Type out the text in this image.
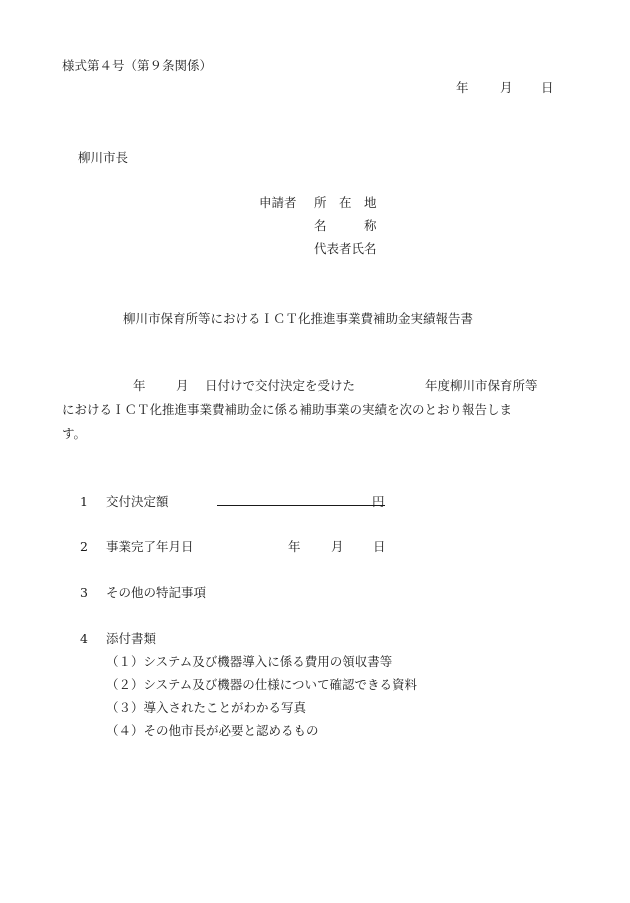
様式第４号（第９条関係）
年	月 日
柳川市長
申請者 所　在　地
名　　　称
代表者氏名
柳川市保育所等におけるＩＣＴ化推進事業費補助金実績報告書
年 月 日付けで交付決定を受けた	年度柳川市保育所等
におけるＩＣＴ化推進事業費補助金に係る補助事業の実績を次のとおり報告しま
す。
1 交付決定額	円
2 事業完了年月日	年 月 日
3 その他の特記事項
4 添付書類
（１）システム及び機器導入に係る費用の領収書等
（２）システム及び機器の仕様について確認できる資料
（３）導入されたことがわかる写真
（４）その他市長が必要と認めるもの
